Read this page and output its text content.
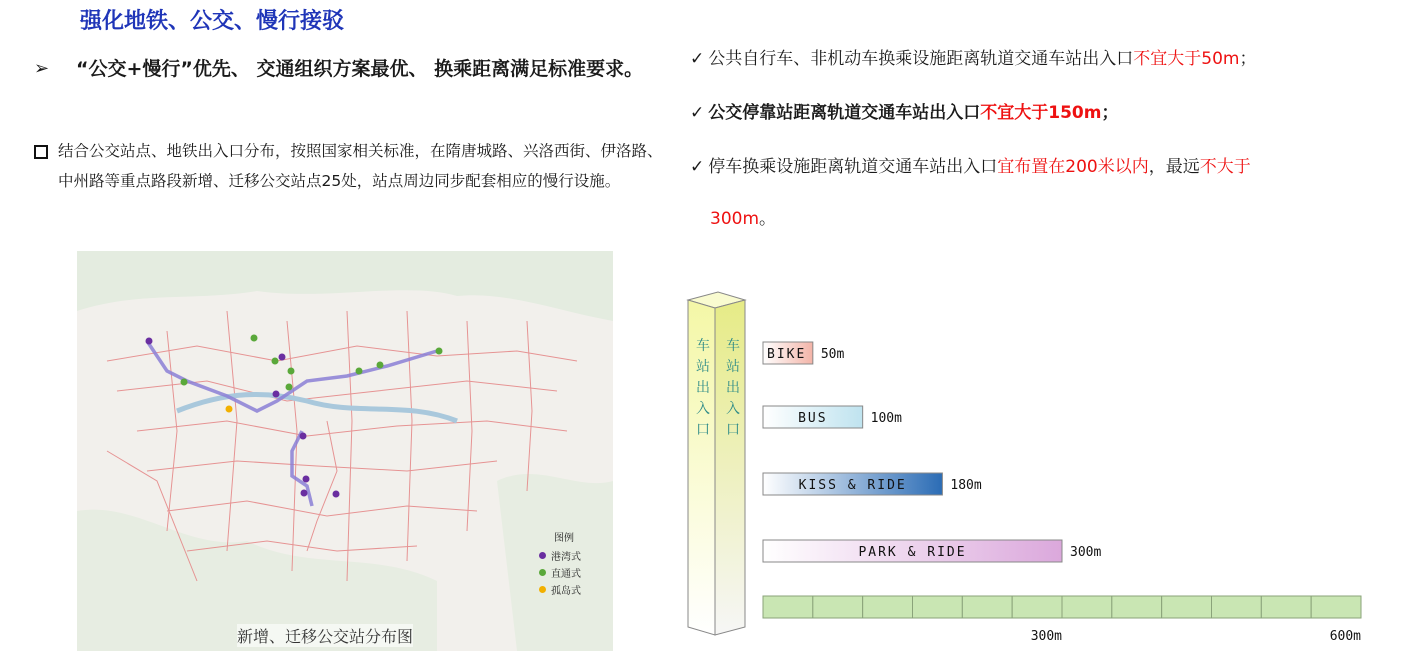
强化地铁、公交、慢行接驳
➢	“公交+慢行”优先、 交通组织方案最优、 换乘距离满足标准要求。
结合公交站点、地铁出入口分布，按照国家相关标准，在隋唐城路、兴洛西街、伊洛路、中州路等重点路段新增、迁移公交站点25处，站点周边同步配套相应的慢行设施。
✓ 公共自行车、非机动车换乘设施距离轨道交通车站出入口不宜大于50m；
✓ 公交停靠站距离轨道交通车站出入口不宜大于150m；
✓ 停车换乘设施距离轨道交通车站出入口宜布置在200米以内，最远不大于
300m。
图例
港湾式
直通式
孤岛式
新增、迁移公交站分布图
车
站
出
入
口
车
站
出
入
口
BIKE 50m
BUS	100m
KISS & RIDE	180m
PARK & RIDE	300m
300m	600m
